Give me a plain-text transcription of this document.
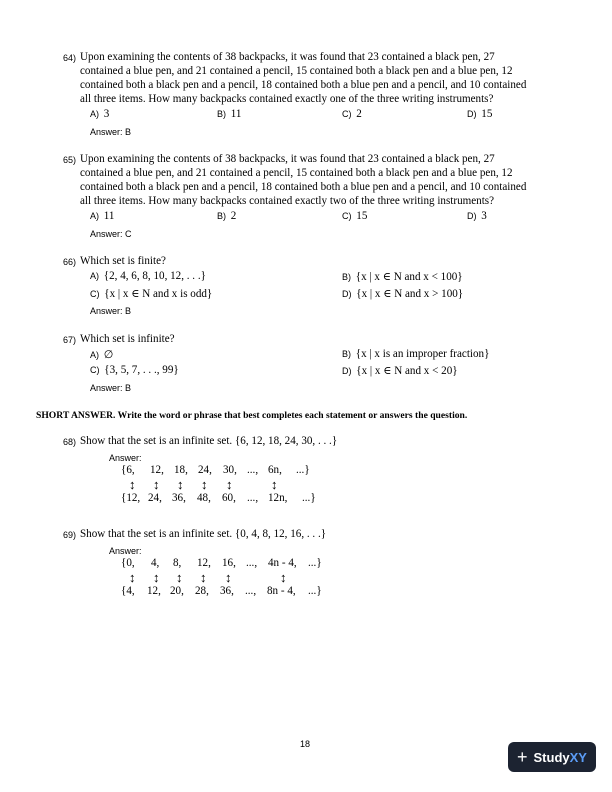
64) Upon examining the contents of 38 backpacks, it was found that 23 contained a black pen, 27
contained a blue pen, and 21 contained a pencil, 15 contained both a black pen and a blue pen, 12
contained both a black pen and a pencil, 18 contained both a blue pen and a pencil, and 10 contained
all three items. How many backpacks contained exactly one of the three writing instruments?
A) 3	B) 11	C) 2	D) 15
Answer: B
65) Upon examining the contents of 38 backpacks, it was found that 23 contained a black pen, 27
contained a blue pen, and 21 contained a pencil, 15 contained both a black pen and a blue pen, 12
contained both a black pen and a pencil, 18 contained both a blue pen and a pencil, and 10 contained
all three items. How many backpacks contained exactly two of the three writing instruments?
A) 11	B) 2	C) 15	D) 3
Answer: C
66) Which set is finite?
A) {2, 4, 6, 8, 10, 12, . . .}	B) {x | x ∈ N and x < 100}
C) {x | x ∈ N and x is odd}	D) {x | x ∈ N and x > 100}
Answer: B
67) Which set is infinite?
A) ∅	B) {x | x is an improper fraction}
C) {3, 5, 7, . . ., 99}	D) {x | x ∈ N and x < 20}
Answer: B
SHORT ANSWER. Write the word or phrase that best completes each statement or answers the question.
68) Show that the set is an infinite set. {6, 12, 18, 24, 30, . . .}
Answer:
{6, 12, 18, 24, 30, ..., 6n, ...}
↕ ↕ ↕ ↕ ↕	↕
{12, 24, 36, 48, 60, ..., 12n, ...}
69) Show that the set is an infinite set. {0, 4, 8, 12, 16, . . .}
Answer:
{0, 4, 8, 12, 16, ..., 4n - 4, ...}
↕ ↕ ↕ ↕ ↕	↕
{4, 12, 20, 28, 36, ..., 8n - 4, ...}
18
+ StudyXY
